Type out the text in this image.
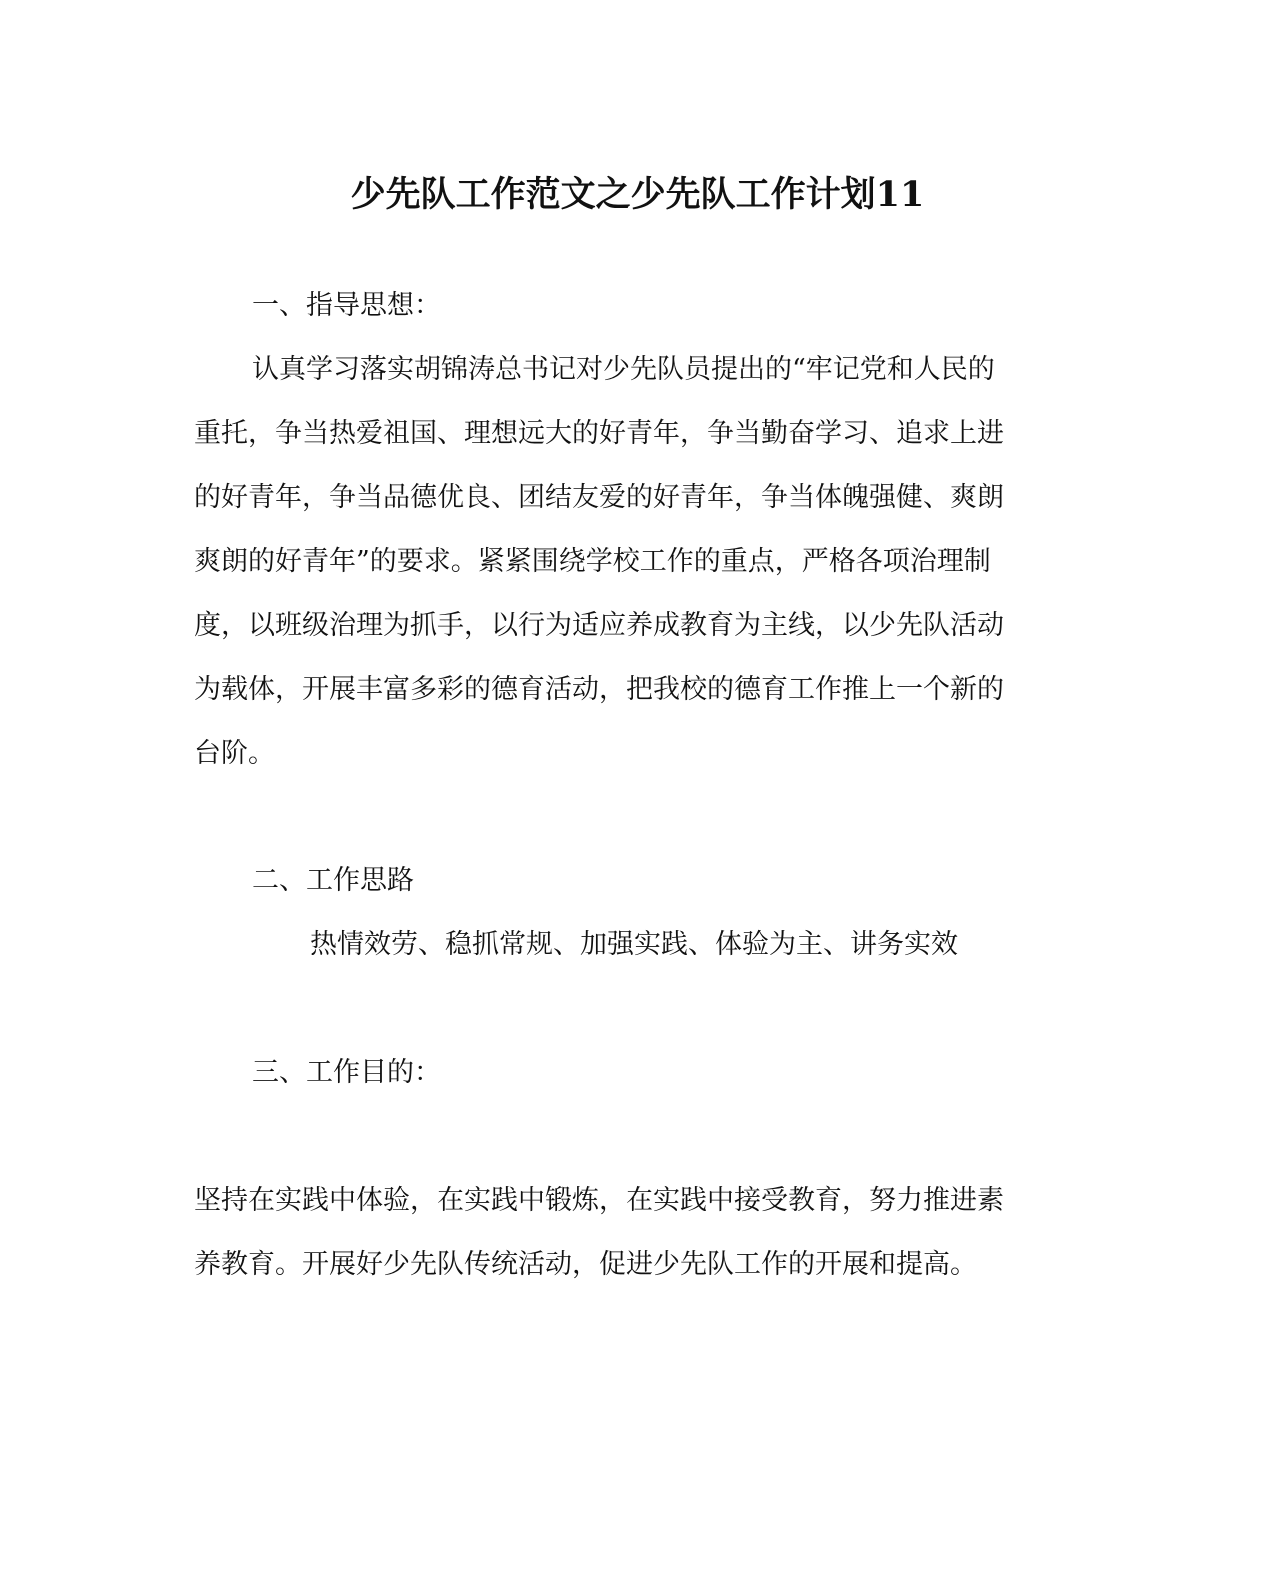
少先队工作范文之少先队工作计划11
一、指导思想：
认真学习落实胡锦涛总书记对少先队员提出的“牢记党和人民的
重托，争当热爱祖国、理想远大的好青年，争当勤奋学习、追求上进
的好青年，争当品德优良、团结友爱的好青年，争当体魄强健、爽朗
爽朗的好青年”的要求。紧紧围绕学校工作的重点，严格各项治理制
度，以班级治理为抓手，以行为适应养成教育为主线，以少先队活动
为载体，开展丰富多彩的德育活动，把我校的德育工作推上一个新的
台阶。
二、工作思路
热情效劳、稳抓常规、加强实践、体验为主、讲务实效
三、工作目的：
坚持在实践中体验，在实践中锻炼，在实践中接受教育，努力推进素
养教育。开展好少先队传统活动，促进少先队工作的开展和提高。
